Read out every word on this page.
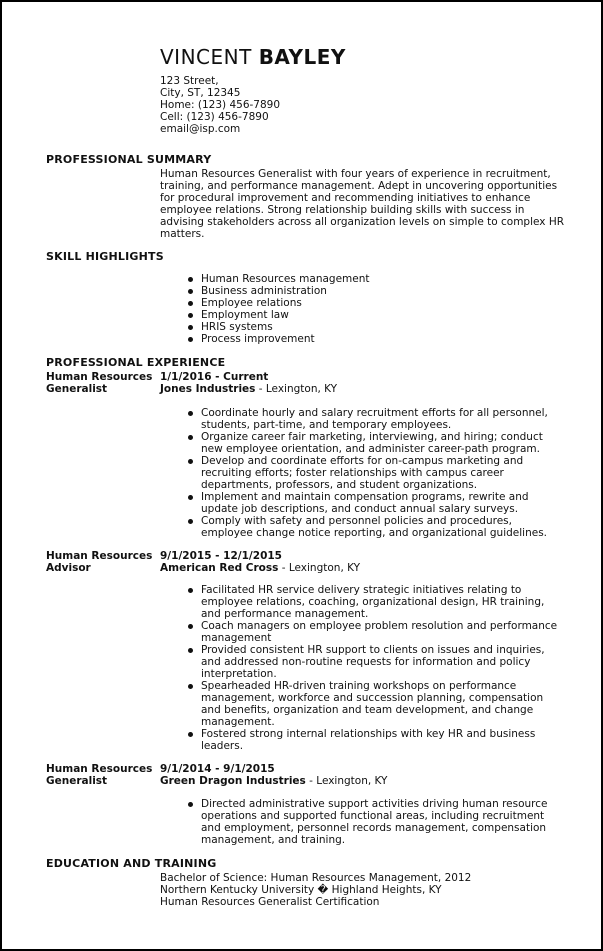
VINCENT BAYLEY
123 Street,
City, ST, 12345
Home: (123) 456-7890
Cell: (123) 456-7890
email@isp.com
PROFESSIONAL SUMMARY
Human Resources Generalist with four years of experience in recruitment, training, and performance management. Adept in uncovering opportunities for procedural improvement and recommending initiatives to enhance employee relations. Strong relationship building skills with success in advising stakeholders across all organization levels on simple to complex HR matters.
SKILL HIGHLIGHTS
Human Resources management
Business administration
Employee relations
Employment law
HRIS systems
Process improvement
PROFESSIONAL EXPERIENCE
Human Resources Generalist
1/1/2016 - Current
Jones Industries - Lexington, KY
Coordinate hourly and salary recruitment efforts for all personnel, students, part-time, and temporary employees.
Organize career fair marketing, interviewing, and hiring; conduct new employee orientation, and administer career-path program.
Develop and coordinate efforts for on-campus marketing and recruiting efforts; foster relationships with campus career departments, professors, and student organizations.
Implement and maintain compensation programs, rewrite and update job descriptions, and conduct annual salary surveys.
Comply with safety and personnel policies and procedures, employee change notice reporting, and organizational guidelines.
Human Resources Advisor
9/1/2015 - 12/1/2015
American Red Cross - Lexington, KY
Facilitated HR service delivery strategic initiatives relating to employee relations, coaching, organizational design, HR training, and performance management.
Coach managers on employee problem resolution and performance management
Provided consistent HR support to clients on issues and inquiries, and addressed non-routine requests for information and policy interpretation.
Spearheaded HR-driven training workshops on performance management, workforce and succession planning, compensation and benefits, organization and team development, and change management.
Fostered strong internal relationships with key HR and business leaders.
Human Resources Generalist
9/1/2014 - 9/1/2015
Green Dragon Industries - Lexington, KY
Directed administrative support activities driving human resource operations and supported functional areas, including recruitment and employment, personnel records management, compensation management, and training.
EDUCATION AND TRAINING
Bachelor of Science: Human Resources Management, 2012
Northern Kentucky University � Highland Heights, KY
Human Resources Generalist Certification
